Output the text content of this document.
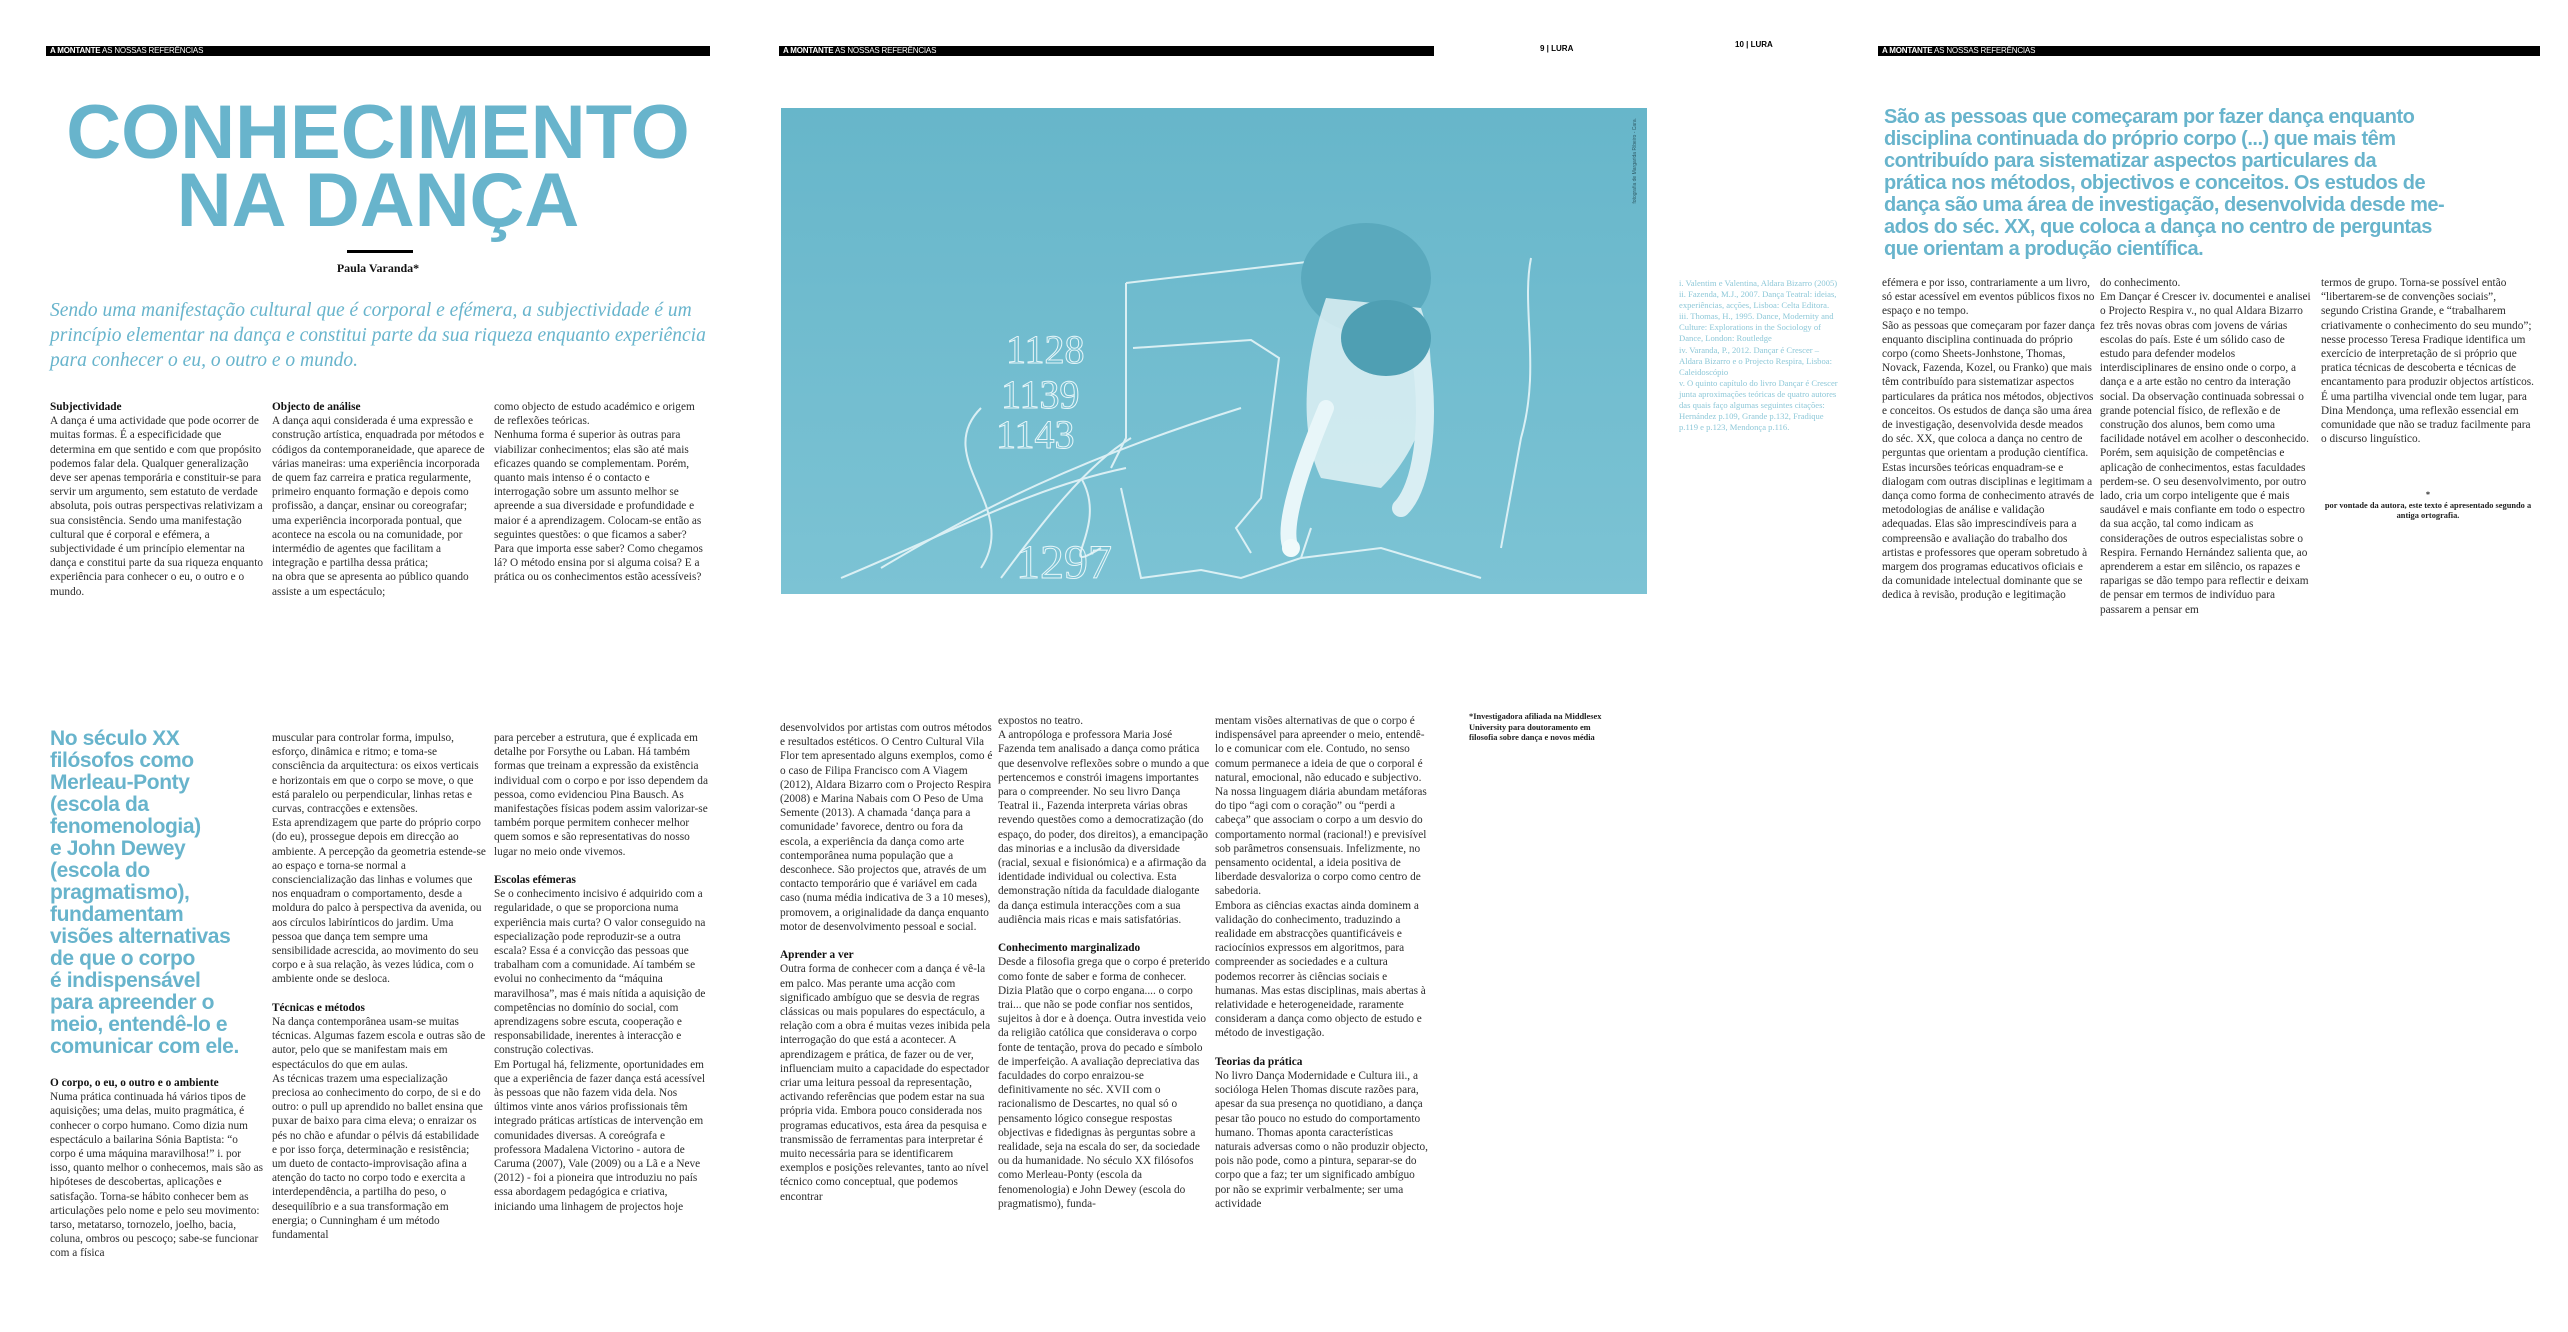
A MONTANTE AS NOSSAS REFERÊNCIAS	A MONTANTE AS NOSSAS REFERÊNCIAS	A MONTANTE AS NOSSAS REFERÊNCIAS
9 | LURA	10 | LURA
CONHECIMENTO
NA DANÇA
Paula Varanda*
Sendo uma manifestação cultural que é corporal e efémera, a subjectividade é um princípio elementar na dança e constitui parte da sua riqueza enquanto experiência para conhecer o eu, o outro e o mundo.
Subjectividade

A dança é uma actividade que pode ocorrer de muitas formas. É a especificidade que determina em que sentido e com que propósito podemos falar dela. Qualquer generalização deve ser apenas temporária e constituir-se para servir um argumento, sem estatuto de verdade absoluta, pois outras perspectivas relativizam a sua consistência. Sendo uma manifestação cultural que é corporal e efémera, a subjectividade é um princípio elementar na dança e constitui parte da sua riqueza enquanto experiência para conhecer o eu, o outro e o mundo.

Objecto de análise

A dança aqui considerada é uma expressão e construção artística, enquadrada por métodos e códigos da contemporaneidade, que aparece de várias maneiras: uma experiência incorporada de quem faz carreira e pratica regularmente, primeiro enquanto formação e depois como profissão, a dançar, ensinar ou coreografar;

uma experiência incorporada pontual, que acontece na escola ou na comunidade, por intermédio de agentes que facilitam a integração e partilha dessa prática;

na obra que se apresenta ao público quando assiste a um espectáculo;

como objecto de estudo académico e origem de reflexões teóricas.

Nenhuma forma é superior às outras para viabilizar conhecimentos; elas são até mais eficazes quando se complementam. Porém, quanto mais intenso é o contacto e interrogação sobre um assunto melhor se apreende a sua diversidade e profundidade e maior é a aprendizagem. Colocam-se então as seguintes questões: o que ficamos a saber? Para que importa esse saber? Como chegamos lá? O método ensina por si alguma coisa? E a prática ou os conhecimentos estão acessíveis?

No século XX
filósofos como
Merleau-Ponty
(escola da
fenomenologia)
e John Dewey
(escola do
pragmatismo),
fundamentam
visões alternativas
de que o corpo
é indispensável
para apreender o
meio, entendê-lo e
comunicar com ele.
O corpo, o eu, o outro e o ambiente

Numa prática continuada há vários tipos de aquisições; uma delas, muito pragmática, é conhecer o corpo humano. Como dizia num espectáculo a bailarina Sónia Baptista: “o corpo é uma máquina maravilhosa!” i. por isso, quanto melhor o conhecemos, mais são as hipóteses de descobertas, aplicações e satisfação. Torna-se hábito conhecer bem as articulações pelo nome e pelo seu movimento: tarso, metatarso, tornozelo, joelho, bacia, coluna, ombros ou pescoço; sabe-se funcionar com a física

muscular para controlar forma, impulso, esforço, dinâmica e ritmo; e toma-se consciência da arquitectura: os eixos verticais e horizontais em que o corpo se move, o que está paralelo ou perpendicular, linhas retas e curvas, contracções e extensões.

Esta aprendizagem que parte do próprio corpo (do eu), prossegue depois em direcção ao ambiente. A percepção da geometria estende-se ao espaço e torna-se normal a consciencialização das linhas e volumes que nos enquadram o comportamento, desde a moldura do palco à perspectiva da avenida, ou aos círculos labirínticos do jardim. Uma pessoa que dança tem sempre uma sensibilidade acrescida, ao movimento do seu corpo e à sua relação, às vezes lúdica, com o ambiente onde se desloca.

Técnicas e métodos

Na dança contemporânea usam-se muitas técnicas. Algumas fazem escola e outras são de autor, pelo que se manifestam mais em espectáculos do que em aulas.

As técnicas trazem uma especialização preciosa ao conhecimento do corpo, de si e do outro: o pull up aprendido no ballet ensina que puxar de baixo para cima eleva; o enraizar os pés no chão e afundar o pélvis dá estabilidade e por isso força, determinação e resistência; um dueto de contacto-improvisação afina a atenção do tacto no corpo todo e exercita a interdependência, a partilha do peso, o desequilíbrio e a sua transformação em energia; o Cunningham é um método fundamental

para perceber a estrutura, que é explicada em detalhe por Forsythe ou Laban. Há também formas que treinam a expressão da existência individual com o corpo e por isso dependem da pessoa, como evidenciou Pina Bausch. As manifestações físicas podem assim valorizar-se também porque permitem conhecer melhor quem somos e são representativas do nosso lugar no meio onde vivemos.

Escolas efémeras

Se o conhecimento incisivo é adquirido com a regularidade, o que se proporciona numa experiência mais curta? O valor conseguido na especialização pode reproduzir-se a outra escala? Essa é a convicção das pessoas que trabalham com a comunidade. Aí também se evolui no conhecimento da “máquina maravilhosa”, mas é mais nítida a aquisição de competências no domínio do social, com aprendizagens sobre escuta, cooperação e responsabilidade, inerentes à interacção e construção colectivas.

Em Portugal há, felizmente, oportunidades em que a experiência de fazer dança está acessível às pessoas que não fazem vida dela. Nos últimos vinte anos vários profissionais têm integrado práticas artísticas de intervenção em comunidades diversas. A coreógrafa e professora Madalena Victorino - autora de Caruma (2007), Vale (2009) ou a Lã e a Neve (2012) - foi a pioneira que introduziu no país essa abordagem pedagógica e criativa, iniciando uma linhagem de projectos hoje

desenvolvidos por artistas com outros métodos e resultados estéticos. O Centro Cultural Vila Flor tem apresentado alguns exemplos, como é o caso de Filipa Francisco com A Viagem (2012), Aldara Bizarro com o Projecto Respira (2008) e Marina Nabais com O Peso de Uma Semente (2013). A chamada ‘dança para a comunidade’ favorece, dentro ou fora da escola, a experiência da dança como arte contemporânea numa população que a desconhece. São projectos que, através de um contacto temporário que é variável em cada caso (numa média indicativa de 3 a 10 meses), promovem, a originalidade da dança enquanto motor de desenvolvimento pessoal e social.

Aprender a ver

Outra forma de conhecer com a dança é vê-la em palco. Mas perante uma acção com significado ambíguo que se desvia de regras clássicas ou mais populares do espectáculo, a relação com a obra é muitas vezes inibida pela interrogação do que está a acontecer. A aprendizagem e prática, de fazer ou de ver, influenciam muito a capacidade do espectador criar uma leitura pessoal da representação, activando referências que podem estar na sua própria vida. Embora pouco considerada nos programas educativos, esta área da pesquisa e transmissão de ferramentas para interpretar é muito necessária para se identificarem exemplos e posições relevantes, tanto ao nível técnico como conceptual, que podemos encontrar

expostos no teatro.

A antropóloga e professora Maria José Fazenda tem analisado a dança como prática que desenvolve reflexões sobre o mundo a que pertencemos e constrói imagens importantes para o compreender. No seu livro Dança Teatral ii., Fazenda interpreta várias obras revendo questões como a democratização (do espaço, do poder, dos direitos), a emancipação das minorias e a inclusão da diversidade (racial, sexual e fisionómica) e a afirmação da identidade individual ou colectiva. Esta demonstração nítida da faculdade dialogante da dança estimula interacções com a sua audiência mais ricas e mais satisfatórias.

Conhecimento marginalizado

Desde a filosofia grega que o corpo é preterido como fonte de saber e forma de conhecer. Dizia Platão que o corpo engana.... o corpo trai... que não se pode confiar nos sentidos, sujeitos à dor e à doença. Outra investida veio da religião católica que considerava o corpo fonte de tentação, prova do pecado e símbolo de imperfeição. A avaliação depreciativa das faculdades do corpo enraizou-se definitivamente no séc. XVII com o racionalismo de Descartes, no qual só o pensamento lógico consegue respostas objectivas e fidedignas às perguntas sobre a realidade, seja na escala do ser, da sociedade ou da humanidade. No século XX filósofos como Merleau-Ponty (escola da fenomenologia) e John Dewey (escola do pragmatismo), funda-

mentam visões alternativas de que o corpo é indispensável para apreender o meio, entendê-lo e comunicar com ele. Contudo, no senso comum permanece a ideia de que o corporal é natural, emocional, não educado e subjectivo. Na nossa linguagem diária abundam metáforas do tipo “agi com o coração” ou “perdi a cabeça” que associam o corpo a um desvio do comportamento normal (racional!) e previsível sob parâmetros consensuais. Infelizmente, no pensamento ocidental, a ideia positiva de liberdade desvaloriza o corpo como centro de sabedoria.

Embora as ciências exactas ainda dominem a validação do conhecimento, traduzindo a realidade em abstracções quantificáveis e raciocínios expressos em algoritmos, para compreender as sociedades e a cultura podemos recorrer às ciências sociais e humanas. Mas estas disciplinas, mais abertas à relatividade e heterogeneidade, raramente consideram a dança como objecto de estudo e método de investigação.

Teorias da prática

No livro Dança Modernidade e Cultura iii., a socióloga Helen Thomas discute razões para, apesar da sua presença no quotidiano, a dança pesar tão pouco no estudo do comportamento humano. Thomas aponta características naturais adversas como o não produzir objecto, pois não pode, como a pintura, separar-se do corpo que a faz; ter um significado ambíguo por não se exprimir verbalmente; ser uma actividade

*Investigadora afiliada na Middlesex University para doutoramento em filosofia sobre dança e novos média
1128
1139
1143
1297
fotografia de Margarida Ribeiro - Cara.

i. Valentim e Valentina, Aldara Bizarro (2005)

ii. Fazenda, M.J., 2007. Dança Teatral: ideias, experiências, acções, Lisboa: Celta Editora.

iii. Thomas, H., 1995. Dance, Modernity and Culture: Explorations in the Sociology of Dance, London: Routledge

iv. Varanda, P., 2012. Dançar é Crescer – Aldara Bizarro e o Projecto Respira, Lisboa: Caleidoscópio

v. O quinto capítulo do livro Dançar é Crescer junta aproximações teóricas de quatro autores das quais faço algumas seguintes citações: Hernández p.109, Grande p.132, Fradique p.119 e p.123, Mendonça p.116.

São as pessoas que começaram por fazer dança enquanto
disciplina continuada do próprio corpo (...) que mais têm
contribuído para sistematizar aspectos particulares da
prática nos métodos, objectivos e conceitos. Os estudos de
dança são uma área de investigação, desenvolvida desde me-
ados do séc. XX, que coloca a dança no centro de perguntas
que orientam a produção científica.

efémera e por isso, contrariamente a um livro, só estar acessível em eventos públicos fixos no espaço e no tempo.

São as pessoas que começaram por fazer dança enquanto disciplina continuada do próprio corpo (como Sheets-Jonhstone, Thomas, Novack, Fazenda, Kozel, ou Franko) que mais têm contribuído para sistematizar aspectos particulares da prática nos métodos, objectivos e conceitos. Os estudos de dança são uma área de investigação, desenvolvida desde meados do séc. XX, que coloca a dança no centro de perguntas que orientam a produção científica. Estas incursões teóricas enquadram-se e dialogam com outras disciplinas e legitimam a dança como forma de conhecimento através de metodologias de análise e validação adequadas. Elas são imprescindíveis para a compreensão e avaliação do trabalho dos artistas e professores que operam sobretudo à margem dos programas educativos oficiais e da comunidade intelectual dominante que se dedica à revisão, produção e legitimação

do conhecimento.

Em Dançar é Crescer iv. documentei e analisei o Projecto Respira v., no qual Aldara Bizarro fez três novas obras com jovens de várias escolas do país. Este é um sólido caso de estudo para defender modelos interdisciplinares de ensino onde o corpo, a dança e a arte estão no centro da interação social. Da observação continuada sobressai o grande potencial físico, de reflexão e de construção dos alunos, bem como uma facilidade notável em acolher o desconhecido. Porém, sem aquisição de competências e aplicação de conhecimentos, estas faculdades perdem-se. O seu desenvolvimento, por outro lado, cria um corpo inteligente que é mais saudável e mais confiante em todo o espectro da sua acção, tal como indicam as considerações de outros especialistas sobre o Respira. Fernando Hernández salienta que, ao aprenderem a estar em silêncio, os rapazes e raparigas se dão tempo para reflectir e deixam de pensar em termos de indivíduo para passarem a pensar em

termos de grupo. Torna-se possível então “libertarem-se de convenções sociais”, segundo Cristina Grande, e “trabalharem criativamente o conhecimento do seu mundo”; nesse processo Teresa Fradique identifica um exercício de interpretação de si próprio que pratica técnicas de descoberta e técnicas de encantamento para produzir objectos artísticos. É uma partilha vivencial onde tem lugar, para Dina Mendonça, uma reflexão essencial em comunidade que não se traduz facilmente para o discurso linguístico.

*
por vontade da autora, este texto é apresentado segundo a antiga ortografia.
